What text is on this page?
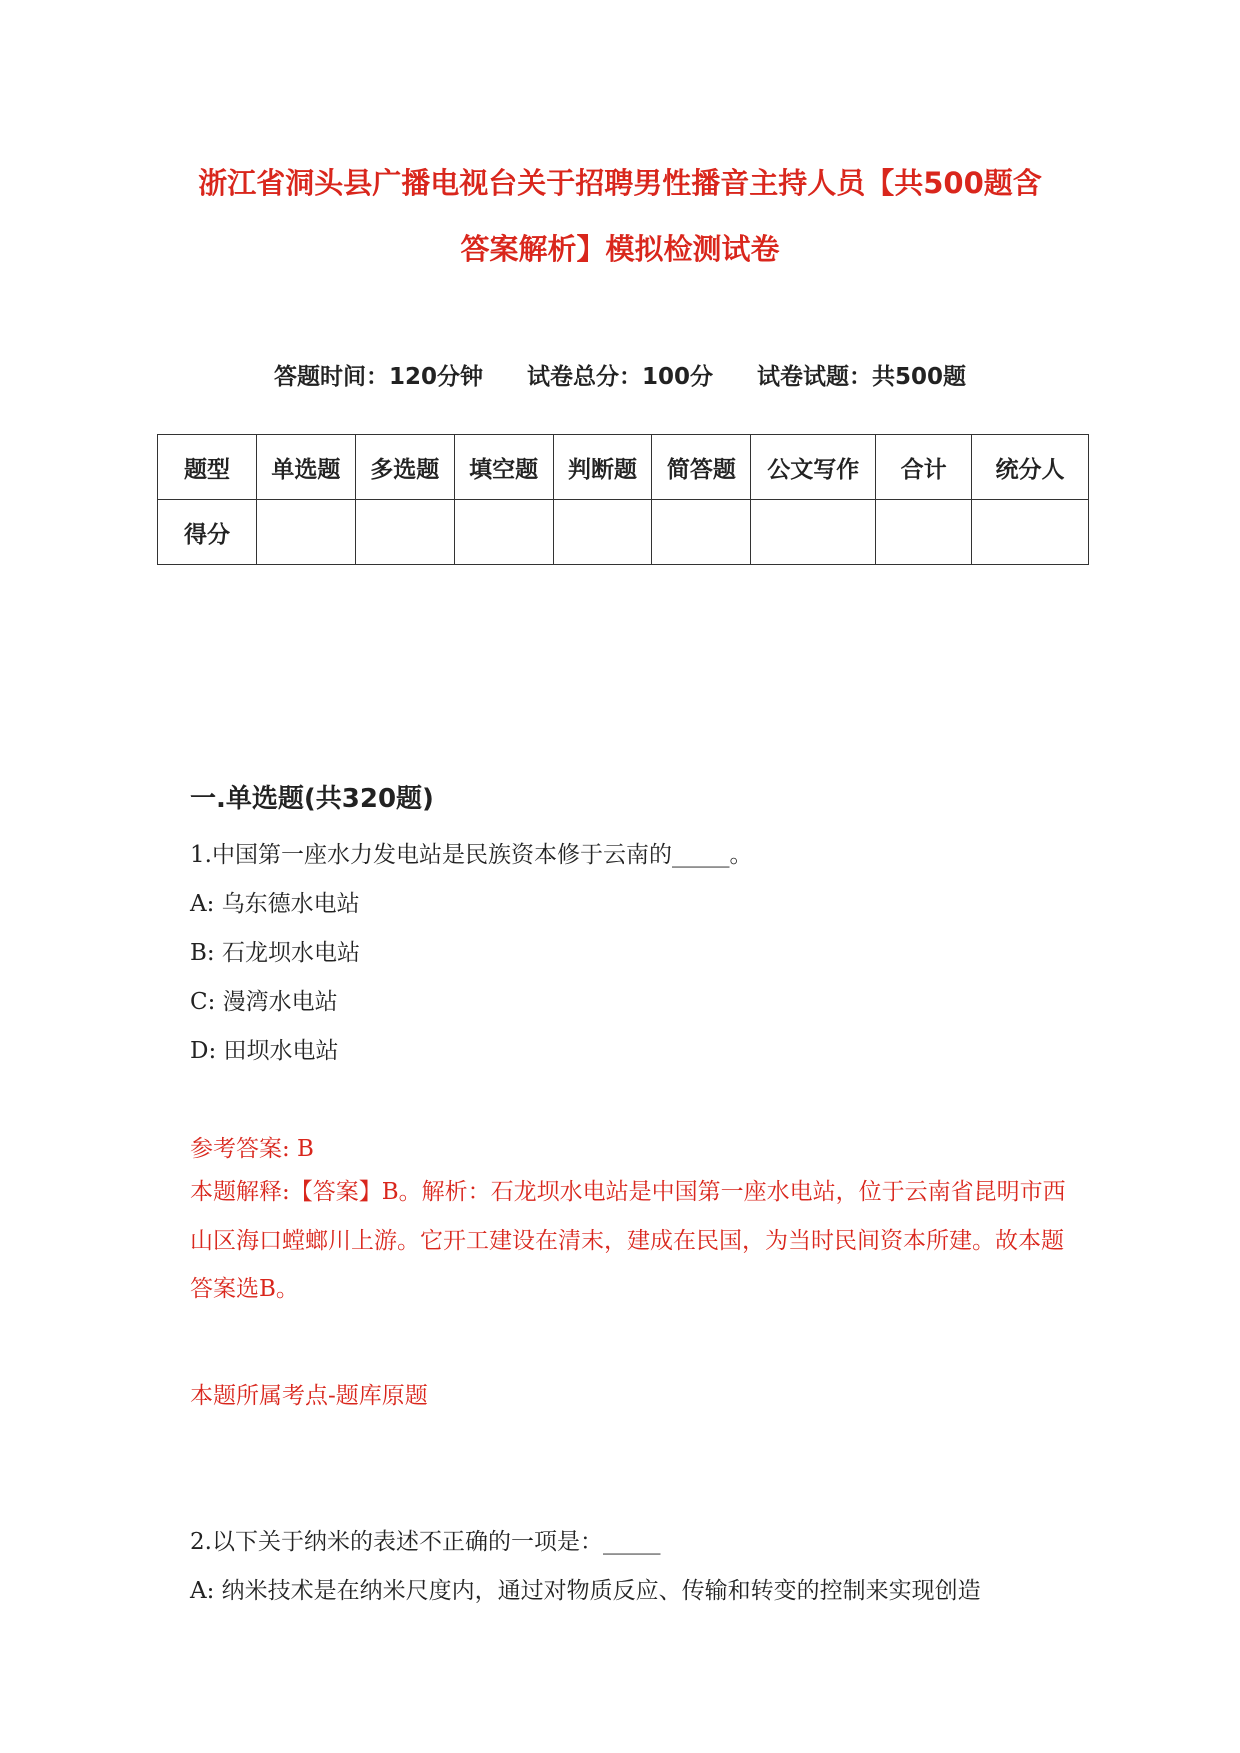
浙江省洞头县广播电视台关于招聘男性播音主持人员【共500题含
答案解析】模拟检测试卷
答题时间：120分钟 试卷总分：100分 试卷试题：共500题
题型	单选题	多选题	填空题	判断题	简答题	公文写作	合计	统分人
得分								
一.单选题(共320题)
1.中国第一座水力发电站是民族资本修于云南的_____。
A: 乌东德水电站
B: 石龙坝水电站
C: 漫湾水电站
D: 田坝水电站
参考答案: B
本题解释:【答案】B。解析：石龙坝水电站是中国第一座水电站，位于云南省昆明市西山区海口螳螂川上游。它开工建设在清末，建成在民国，为当时民间资本所建。故本题答案选B。
本题所属考点-题库原题
2.以下关于纳米的表述不正确的一项是：_____
A: 纳米技术是在纳米尺度内，通过对物质反应、传输和转变的控制来实现创造
